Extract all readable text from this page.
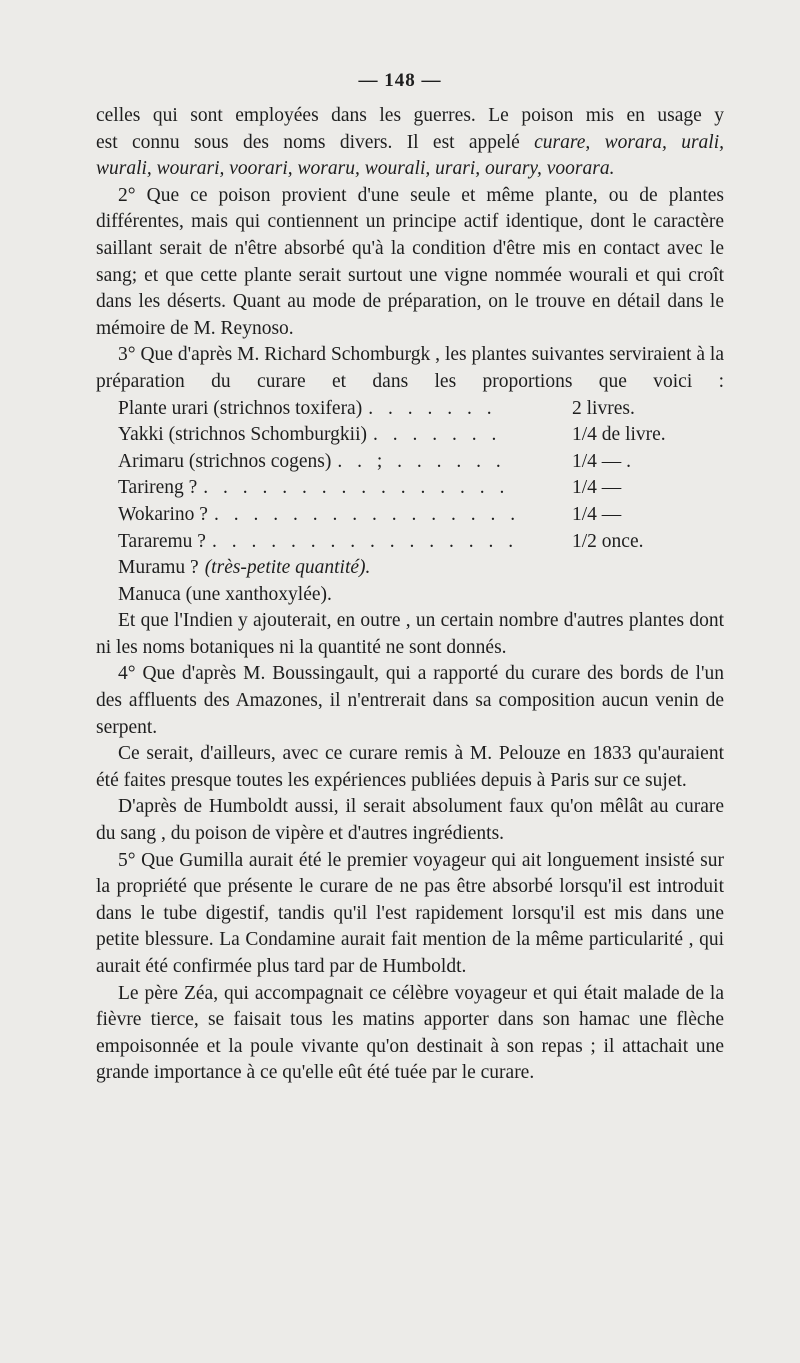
— 148 —

celles qui sont employées dans les guerres. Le poison mis en usage y

est connu sous des noms divers. Il est appelé curare, worara, urali,

wurali, wourari, voorari, woraru, wourali, urari, ourary, voorara.

2° Que ce poison provient d'une seule et même plante, ou de plantes différentes, mais qui contiennent un principe actif identique, dont le caractère saillant serait de n'être absorbé qu'à la condition d'être mis en contact avec le sang; et que cette plante serait surtout une vigne nommée wourali et qui croît dans les déserts. Quant au mode de préparation, on le trouve en détail dans le mémoire de M. Reynoso.

3° Que d'après M. Richard Schomburgk , les plantes suivantes serviraient à la préparation du curare et dans les proportions que voici :

Plante urari (strichnos toxifera) . . . . . . .	2 livres.
Yakki (strichnos Schomburgkii) . . . . . . .	1/4 de livre.
Arimaru (strichnos cogens) . . ; . . . . . .	1/4 — .
Tarireng ? . . . . . . . . . . . . . . . .	1/4 —
Wokarino ? . . . . . . . . . . . . . . . .	1/4 —
Tararemu ? . . . . . . . . . . . . . . . .	1/2 once.
Muramu ? (très-petite quantité).
Manuca (une xanthoxylée).

Et que l'Indien y ajouterait, en outre , un certain nombre d'autres plantes dont ni les noms botaniques ni la quantité ne sont donnés.

4° Que d'après M. Boussingault, qui a rapporté du curare des bords de l'un des affluents des Amazones, il n'entrerait dans sa composition aucun venin de serpent.

Ce serait, d'ailleurs, avec ce curare remis à M. Pelouze en 1833 qu'auraient été faites presque toutes les expériences publiées depuis à Paris sur ce sujet.

D'après de Humboldt aussi, il serait absolument faux qu'on mêlât au curare du sang , du poison de vipère et d'autres ingrédients.

5° Que Gumilla aurait été le premier voyageur qui ait longuement insisté sur la propriété que présente le curare de ne pas être absorbé lorsqu'il est introduit dans le tube digestif, tandis qu'il l'est rapidement lorsqu'il est mis dans une petite blessure. La Condamine aurait fait mention de la même particularité , qui aurait été confirmée plus tard par de Humboldt.

Le père Zéa, qui accompagnait ce célèbre voyageur et qui était malade de la fièvre tierce, se faisait tous les matins apporter dans son hamac une flèche empoisonnée et la poule vivante qu'on destinait à son repas ; il attachait une grande importance à ce qu'elle eût été tuée par le curare.
